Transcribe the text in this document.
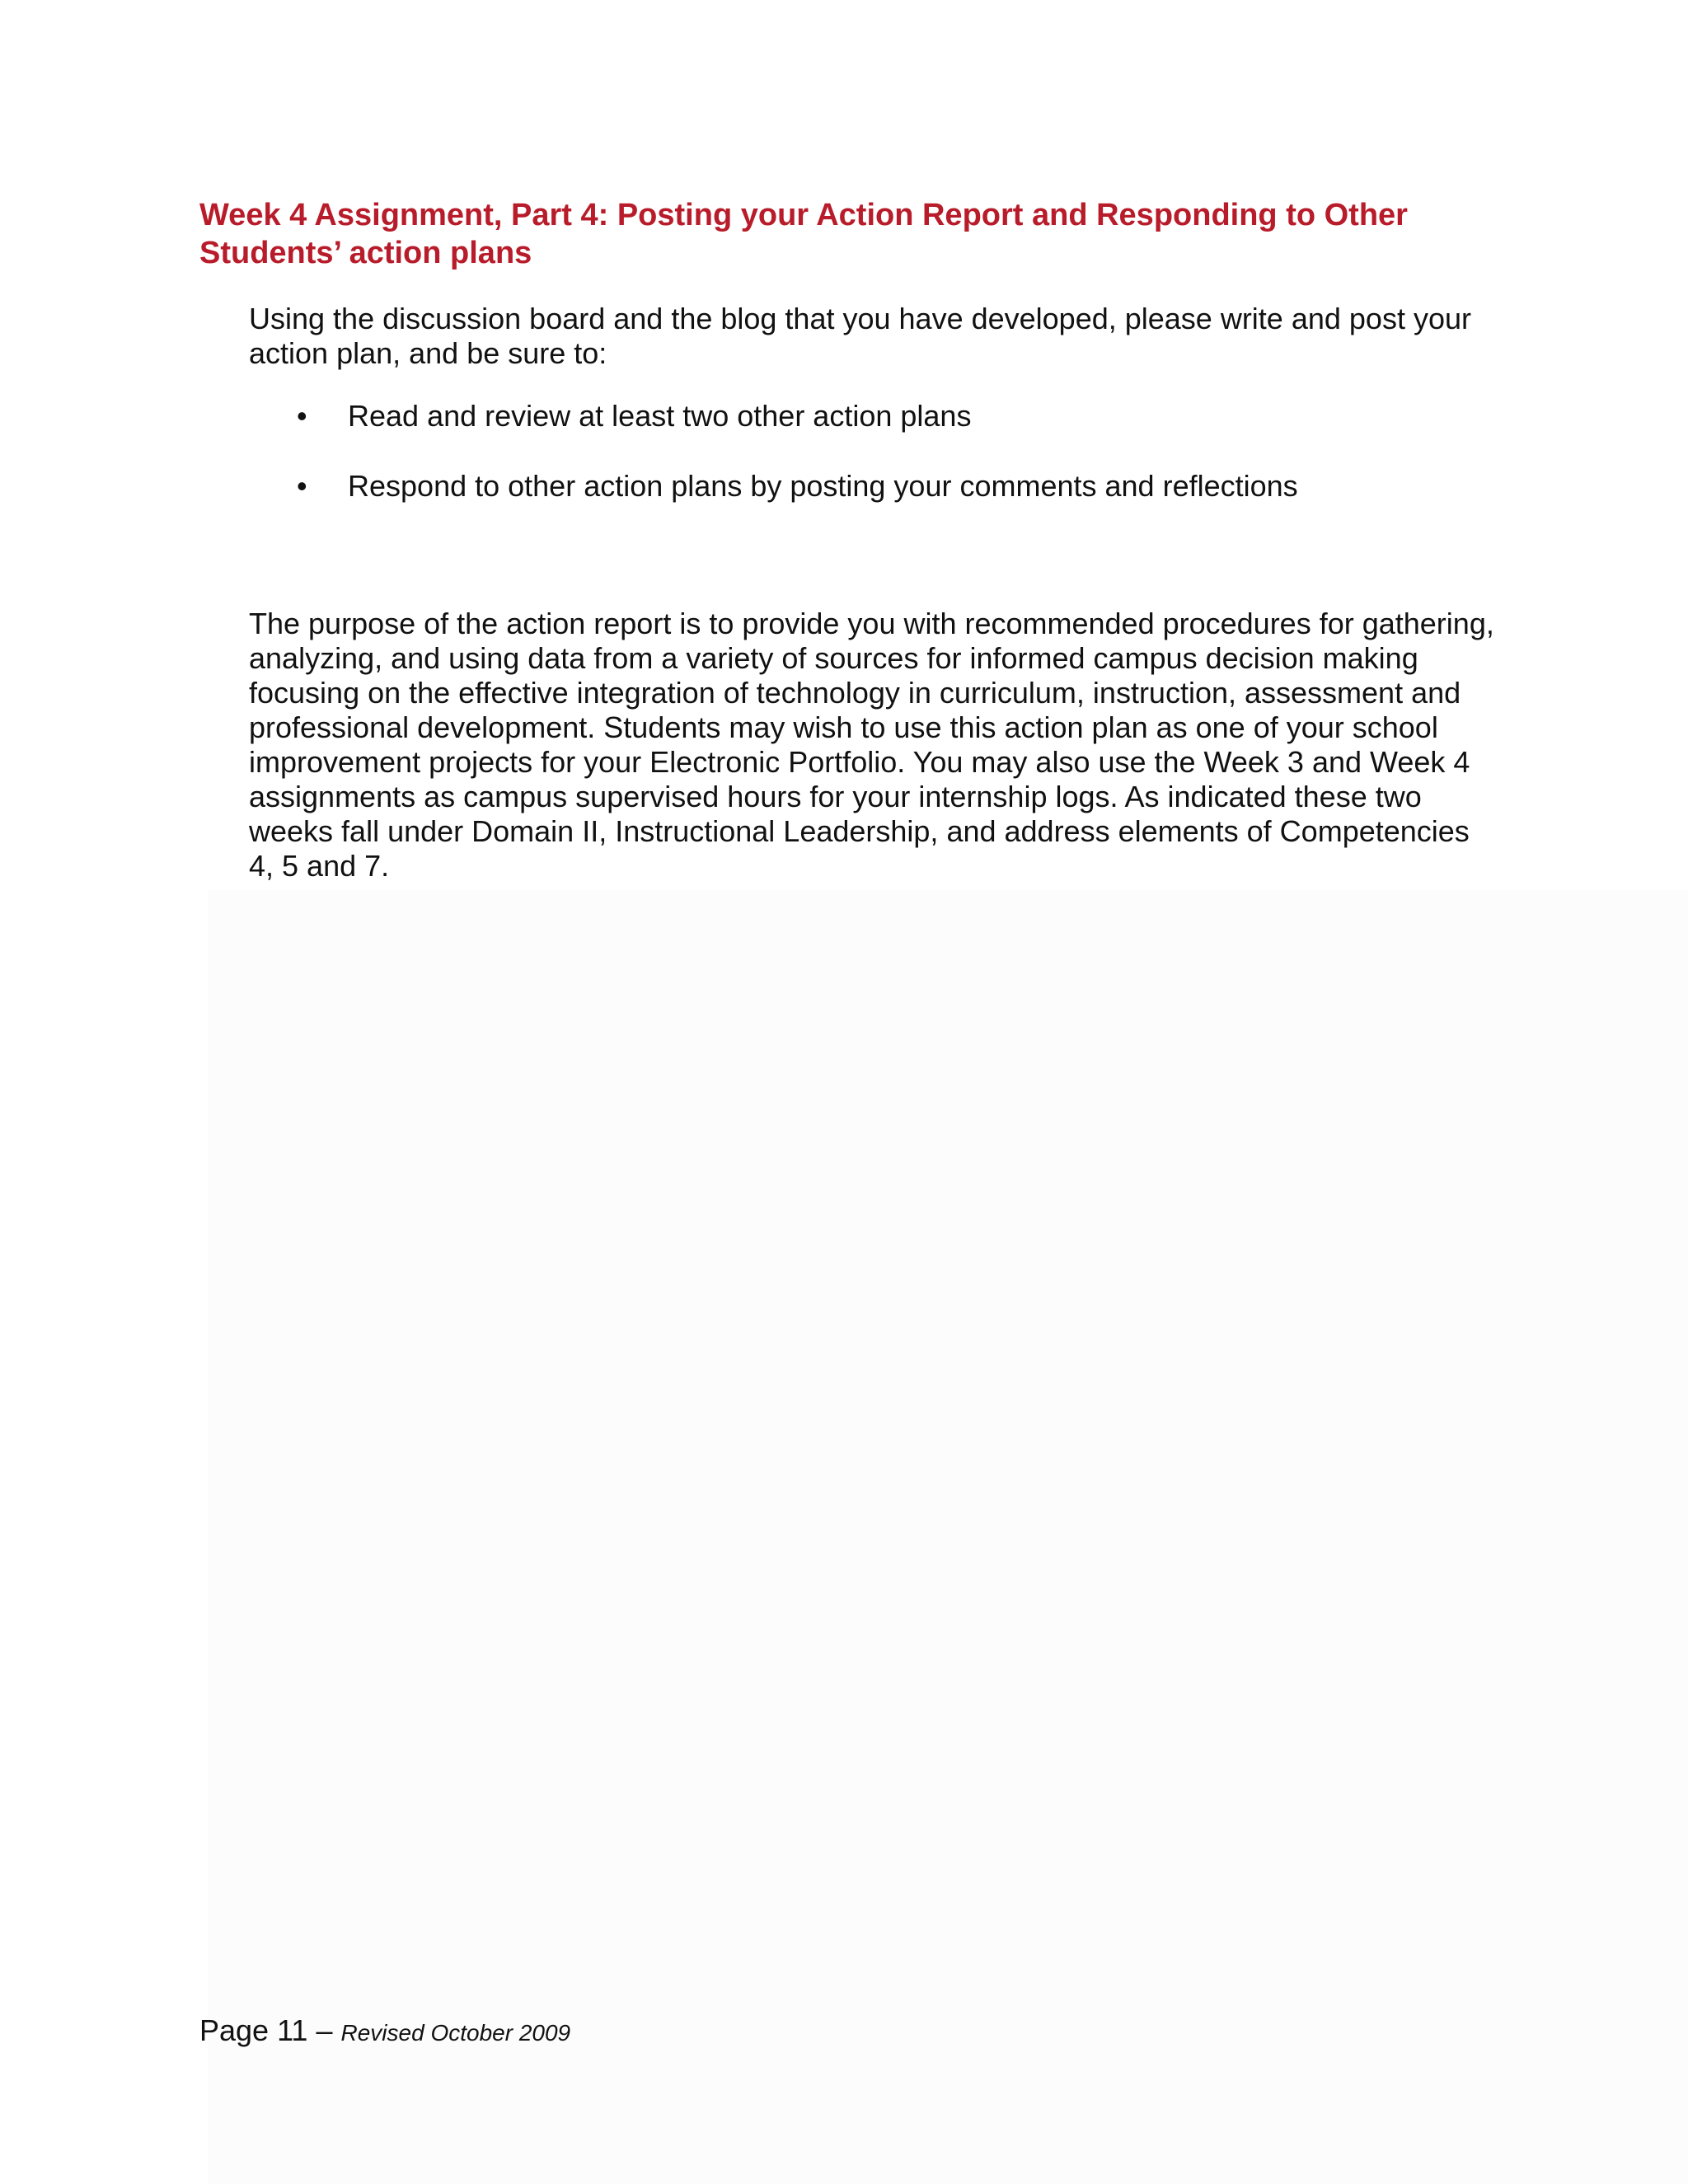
Week 4 Assignment, Part 4: Posting your Action Report and Responding to Other Students’ action plans

Using the discussion board and the blog that you have developed, please write and post your action plan, and be sure to:

• Read and review at least two other action plans
• Respond to other action plans by posting your comments and reflections

The purpose of the action report is to provide you with recommended procedures for gathering, analyzing, and using data from a variety of sources for informed campus decision making focusing on the effective integration of technology in curriculum, instruction, assessment and professional development. Students may wish to use this action plan as one of your school improvement projects for your Electronic Portfolio. You may also use the Week 3 and Week 4 assignments as campus supervised hours for your internship logs. As indicated these two weeks fall under Domain II, Instructional Leadership, and address elements of Competencies 4, 5 and 7.

Page 11 – Revised October 2009
